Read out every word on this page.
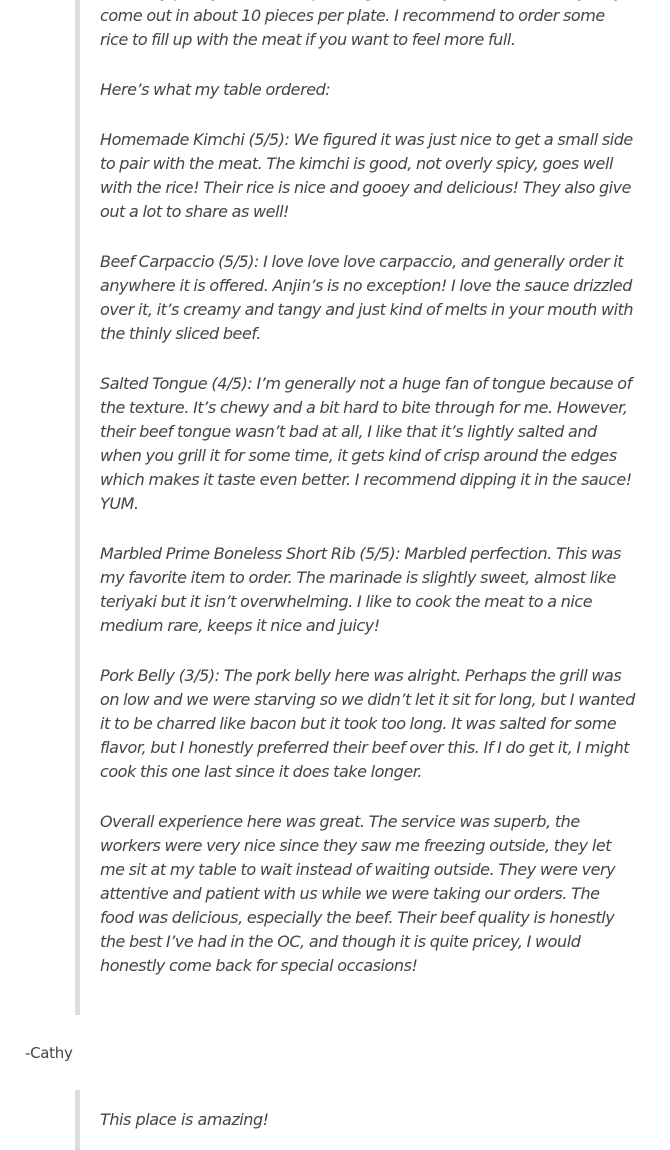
come out in about 10 pieces per plate. I recommend to order some rice to fill up with the meat if you want to feel more full.

Here’s what my table ordered:

Homemade Kimchi (5/5): We figured it was just nice to get a small side to pair with the meat. The kimchi is good, not overly spicy, goes well with the rice! Their rice is nice and gooey and delicious! They also give out a lot to share as well!

Beef Carpaccio (5/5): I love love love carpaccio, and generally order it anywhere it is offered. Anjin’s is no exception! I love the sauce drizzled over it, it’s creamy and tangy and just kind of melts in your mouth with the thinly sliced beef.

Salted Tongue (4/5): I’m generally not a huge fan of tongue because of the texture. It’s chewy and a bit hard to bite through for me. However, their beef tongue wasn’t bad at all, I like that it’s lightly salted and when you grill it for some time, it gets kind of crisp around the edges which makes it taste even better. I recommend dipping it in the sauce! YUM.

Marbled Prime Boneless Short Rib (5/5): Marbled perfection. This was my favorite item to order. The marinade is slightly sweet, almost like teriyaki but it isn’t overwhelming. I like to cook the meat to a nice medium rare, keeps it nice and juicy!

Pork Belly (3/5): The pork belly here was alright. Perhaps the grill was on low and we were starving so we didn’t let it sit for long, but I wanted it to be charred like bacon but it took too long. It was salted for some flavor, but I honestly preferred their beef over this. If I do get it, I might cook this one last since it does take longer.

Overall experience here was great. The service was superb, the workers were very nice since they saw me freezing outside, they let me sit at my table to wait instead of waiting outside. They were very attentive and patient with us while we were taking our orders. The food was delicious, especially the beef. Their beef quality is honestly the best I’ve had in the OC, and though it is quite pricey, I would honestly come back for special occasions!

-Cathy

This place is amazing!
